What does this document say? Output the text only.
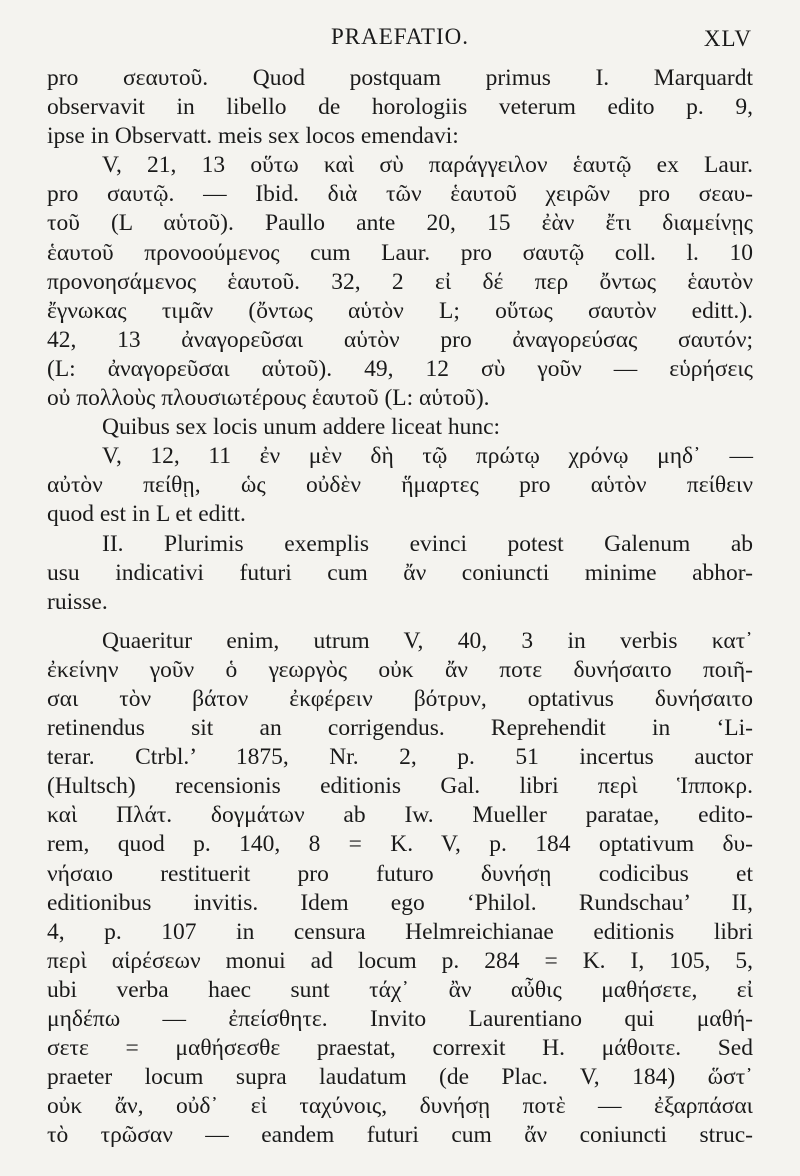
PRAEFATIO.	XLV
pro σεαυτοῦ. Quod postquam primus I. Marquardt
observavit in libello de horologiis veterum edito p. 9,
ipse in Observatt. meis sex locos emendavi:
V, 21, 13 οὕτω καὶ σὺ παράγγειλον ἑαυτῷ ex Laur.
pro σαυτῷ. — Ibid. διὰ τῶν ἑαυτοῦ χειρῶν pro σεαυ-
τοῦ (L αὑτοῦ). Paullo ante 20, 15 ἐὰν ἔτι διαμείνῃς
ἑαυτοῦ προνοούμενος cum Laur. pro σαυτῷ coll. l. 10
προνοησάμενος ἑαυτοῦ. 32, 2 εἰ δέ περ ὄντως ἑαυτὸν
ἔγνωκας τιμᾶν (ὄντως αὑτὸν L; οὕτως σαυτὸν editt.).
42, 13 ἀναγορεῦσαι αὑτὸν pro ἀναγορεύσας σαυτόν;
(L: ἀναγορεῦσαι αὑτοῦ). 49, 12 σὺ γοῦν — εὑρήσεις
οὐ πολλοὺς πλουσιωτέρους ἑαυτοῦ (L: αὑτοῦ).
Quibus sex locis unum addere liceat hunc:
V, 12, 11 ἐν μὲν δὴ τῷ πρώτῳ χρόνῳ μηδ᾽ —
αὐτὸν πείθῃ, ὡς οὐδὲν ἥμαρτες pro αὑτὸν πείθειν
quod est in L et editt.
II. Plurimis exemplis evinci potest Galenum ab
usu indicativi futuri cum ἄν coniuncti minime abhor-
ruisse.
Quaeritur enim, utrum V, 40, 3 in verbis κατ᾽
ἐκείνην γοῦν ὁ γεωργὸς οὐκ ἄν ποτε δυνήσαιτο ποιῆ-
σαι τὸν βάτον ἐκφέρειν βότρυν, optativus δυνήσαιτο
retinendus sit an corrigendus. Reprehendit in ‘Li-
terar. Ctrbl.’ 1875, Nr. 2, p. 51 incertus auctor
(Hultsch) recensionis editionis Gal. libri περὶ Ἱπποκρ.
καὶ Πλάτ. δογμάτων ab Iw. Mueller paratae, edito-
rem, quod p. 140, 8 = K. V, p. 184 optativum δυ-
νήσαιο restituerit pro futuro δυνήσῃ codicibus et
editionibus invitis. Idem ego ‘Philol. Rundschau’ II,
4, p. 107 in censura Helmreichianae editionis libri
περὶ αἱρέσεων monui ad locum p. 284 = K. I, 105, 5,
ubi verba haec sunt τάχ᾽ ἂν αὖθις μαθήσετε, εἰ
μηδέπω — ἐπείσθητε. Invito Laurentiano qui μαθή-
σετε = μαθήσεσθε praestat, correxit H. μάθοιτε. Sed
praeter locum supra laudatum (de Plac. V, 184) ὥστ᾽
οὐκ ἄν, οὐδ᾽ εἰ ταχύνοις, δυνήσῃ ποτὲ — ἐξαρπάσαι
τὸ τρῶσαν — eandem futuri cum ἄν coniuncti struc-
